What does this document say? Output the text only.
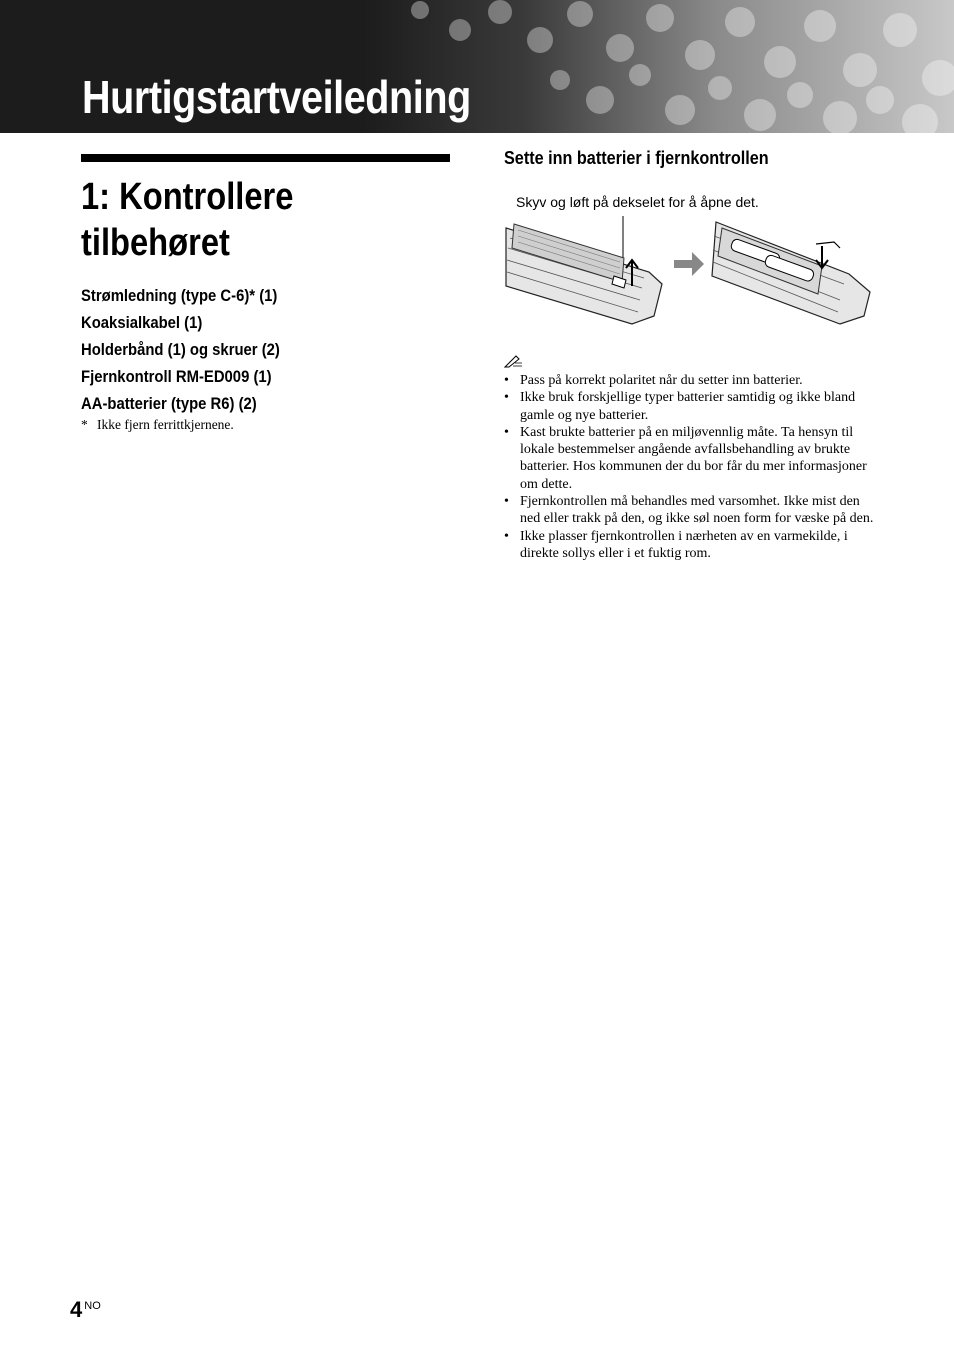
Hurtigstartveiledning
1: Kontrollere
tilbehøret
Strømledning (type C-6)* (1)
Koaksialkabel (1)
Holderbånd (1) og skruer (2)
Fjernkontroll RM-ED009 (1)
AA-batterier (type R6) (2)
* Ikke fjern ferrittkjernene.
Sette inn batterier i fjernkontrollen
Skyv og løft på dekselet for å åpne det.
• Pass på korrekt polaritet når du setter inn batterier.
• Ikke bruk forskjellige typer batterier samtidig og ikke bland gamle og nye batterier.
• Kast brukte batterier på en miljøvennlig måte. Ta hensyn til lokale bestemmelser angående avfallsbehandling av brukte batterier. Hos kommunen der du bor får du mer informasjoner om dette.
• Fjernkontrollen må behandles med varsomhet. Ikke mist den ned eller trakk på den, og ikke søl noen form for væske på den.
• Ikke plasser fjernkontrollen i nærheten av en varmekilde, i direkte sollys eller i et fuktig rom.
4 $^{NO}$
